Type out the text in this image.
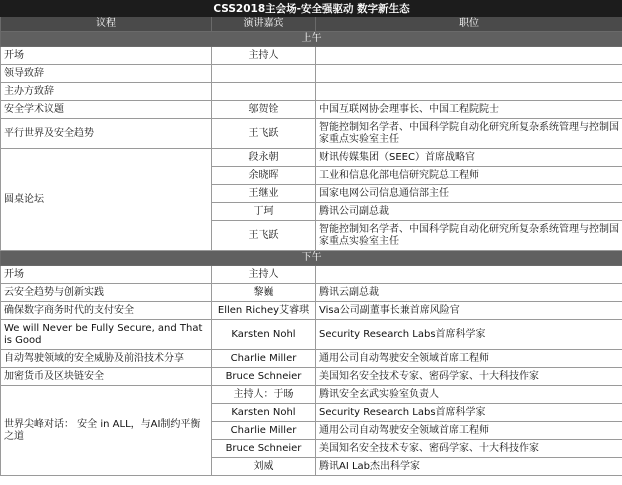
CSS2018主会场-安全强驱动 数字新生态		
议程	演讲嘉宾	职位
上午		
开场	主持人	
领导致辞		
主办方致辞		
安全学术议题	邬贺铨	中国互联网协会理事长、中国工程院院士
平行世界及安全趋势	王飞跃	智能控制知名学者、中国科学院自动化研究所复杂系统管理与控制国家重点实验室主任
圆桌论坛	段永朝	财讯传媒集团（SEEC）首席战略官
	余晓晖	工业和信息化部电信研究院总工程师
	王继业	国家电网公司信息通信部主任
	丁珂	腾讯公司副总裁
	王飞跃	智能控制知名学者、中国科学院自动化研究所复杂系统管理与控制国家重点实验室主任
下午		
开场	主持人	
云安全趋势与创新实践	黎巍	腾讯云副总裁
确保数字商务时代的支付安全	Ellen Richey艾睿琪	Visa公司副董事长兼首席风险官
We will Never be Fully Secure, and That is Good	Karsten Nohl	Security Research Labs首席科学家
自动驾驶领域的安全威胁及前沿技术分享	Charlie Miller	通用公司自动驾驶安全领域首席工程师
加密货币及区块链安全	Bruce Schneier	美国知名安全技术专家、密码学家、十大科技作家
世界尖峰对话： 安全 in ALL，与AI制约平衡之道	主持人：于旸	腾讯安全玄武实验室负责人
	Karsten Nohl	Security Research Labs首席科学家
	Charlie Miller	通用公司自动驾驶安全领域首席工程师
	Bruce Schneier	美国知名安全技术专家、密码学家、十大科技作家
	刘威	腾讯AI Lab杰出科学家
